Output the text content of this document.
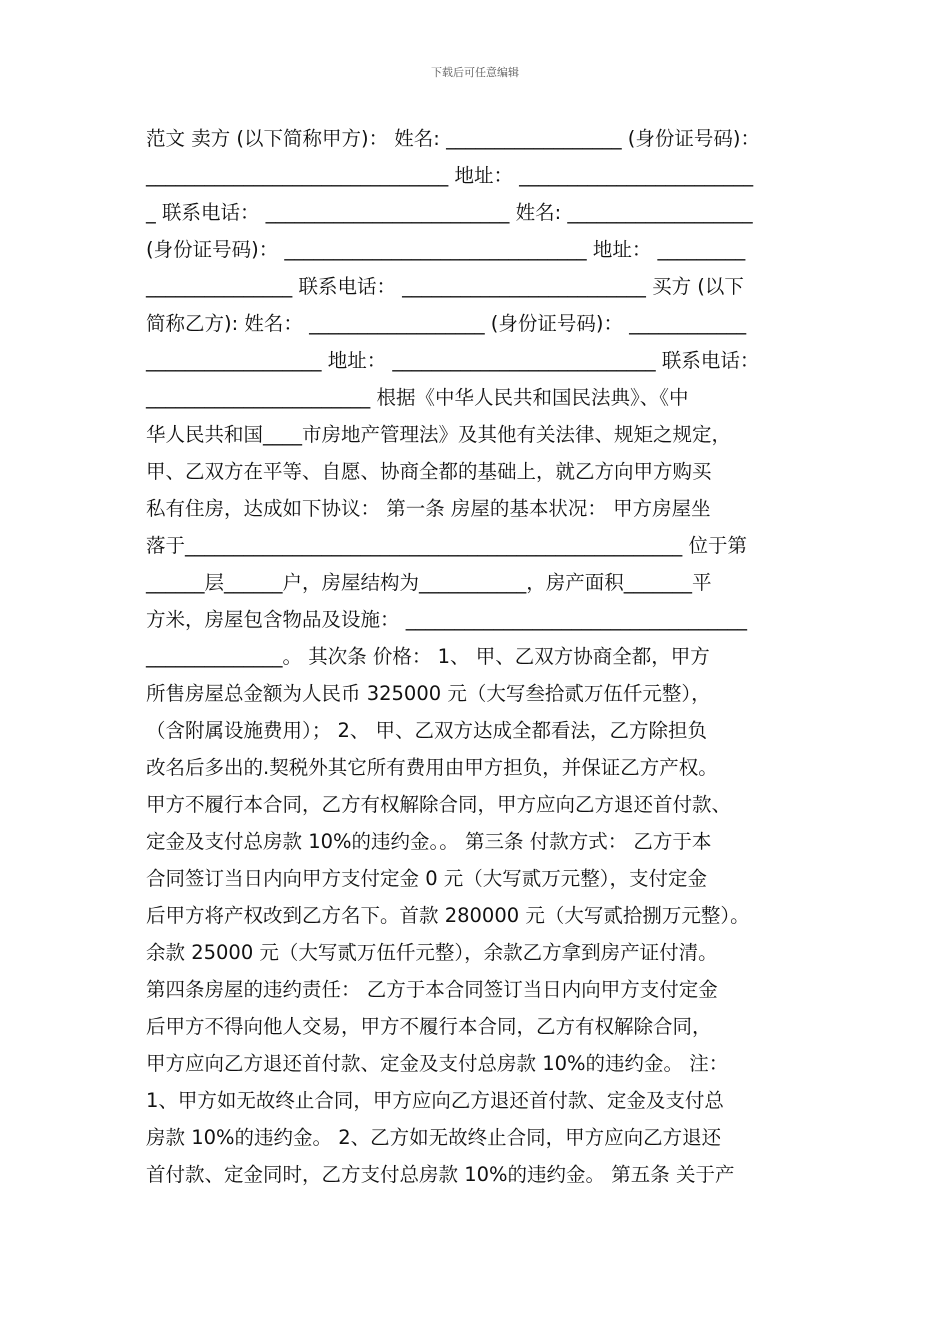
下载后可任意编辑
范文 卖方 (以下简称甲方)： 姓名: __________________ (身份证号码)：
_______________________________ 地址： ________________________
_ 联系电话： _________________________ 姓名: ___________________
(身份证号码)： _______________________________ 地址： _________
_______________ 联系电话： _________________________ 买方 (以下
简称乙方): 姓名： __________________ (身份证号码)： ____________
__________________ 地址： ___________________________ 联系电话：
_______________________ 根据《中华人民共和国民法典》、《中
华人民共和国____市房地产管理法》及其他有关法律、规矩之规定，
甲、乙双方在平等、自愿、协商全都的基础上，就乙方向甲方购买
私有住房，达成如下协议： 第一条 房屋的基本状况： 甲方房屋坐
落于___________________________________________________ 位于第
______层______户，房屋结构为___________，房产面积_______平
方米，房屋包含物品及设施： ___________________________________
______________。 其次条 价格： 1、 甲、乙双方协商全都，甲方
所售房屋总金额为人民币 325000 元（大写叁拾贰万伍仟元整），
（含附属设施费用）； 2、 甲、乙双方达成全都看法，乙方除担负
改名后多出的.契税外其它所有费用由甲方担负，并保证乙方产权。
甲方不履行本合同，乙方有权解除合同，甲方应向乙方退还首付款、
定金及支付总房款 10%的违约金。。 第三条 付款方式： 乙方于本
合同签订当日内向甲方支付定金 0 元（大写贰万元整），支付定金
后甲方将产权改到乙方名下。首款 280000 元（大写贰拾捌万元整）。
余款 25000 元（大写贰万伍仟元整），余款乙方拿到房产证付清。
第四条房屋的违约责任： 乙方于本合同签订当日内向甲方支付定金
后甲方不得向他人交易，甲方不履行本合同，乙方有权解除合同，
甲方应向乙方退还首付款、定金及支付总房款 10%的违约金。 注：
1、甲方如无故终止合同，甲方应向乙方退还首付款、定金及支付总
房款 10%的违约金。 2、乙方如无故终止合同，甲方应向乙方退还
首付款、定金同时，乙方支付总房款 10%的违约金。 第五条 关于产
